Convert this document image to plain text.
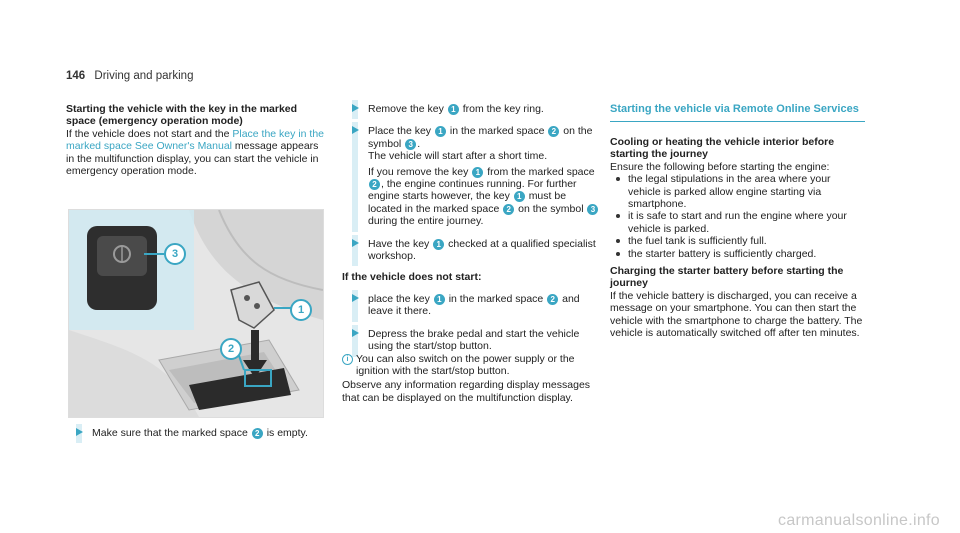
146 Driving and parking

Starting the vehicle with the key in the marked space (emergency operation mode)

If the vehicle does not start and the Place the key in the marked space See Owner's Manual message appears in the multifunction display, you can start the vehicle in emergency operation mode.

3
1
2

Make sure that the marked space 2 is empty.

Remove the key 1 from the key ring.

Place the key 1 in the marked space 2 on the symbol 3 .

The vehicle will start after a short time.

If you remove the key 1 from the marked space 2 , the engine continues running. For further engine starts however, the key 1 must be located in the marked space 2 on the symbol 3 during the entire journey.

Have the key 1 checked at a qualified specialist workshop.

If the vehicle does not start:

place the key 1 in the marked space 2 and leave it there.

Depress the brake pedal and start the vehicle using the start/stop button.

i You can also switch on the power supply or the ignition with the start/stop button.

Observe any information regarding display messages that can be displayed on the multifunction display.

Starting the vehicle via Remote Online Services

Cooling or heating the vehicle interior before starting the journey

Ensure the following before starting the engine:

the legal stipulations in the area where your vehicle is parked allow engine starting via smartphone.
it is safe to start and run the engine where your vehicle is parked.
the fuel tank is sufficiently full.
the starter battery is sufficiently charged.

Charging the starter battery before starting the journey

If the vehicle battery is discharged, you can receive a message on your smartphone. You can then start the vehicle with the smartphone to charge the battery. The vehicle is automatically switched off after ten minutes.

carmanualsonline.info
